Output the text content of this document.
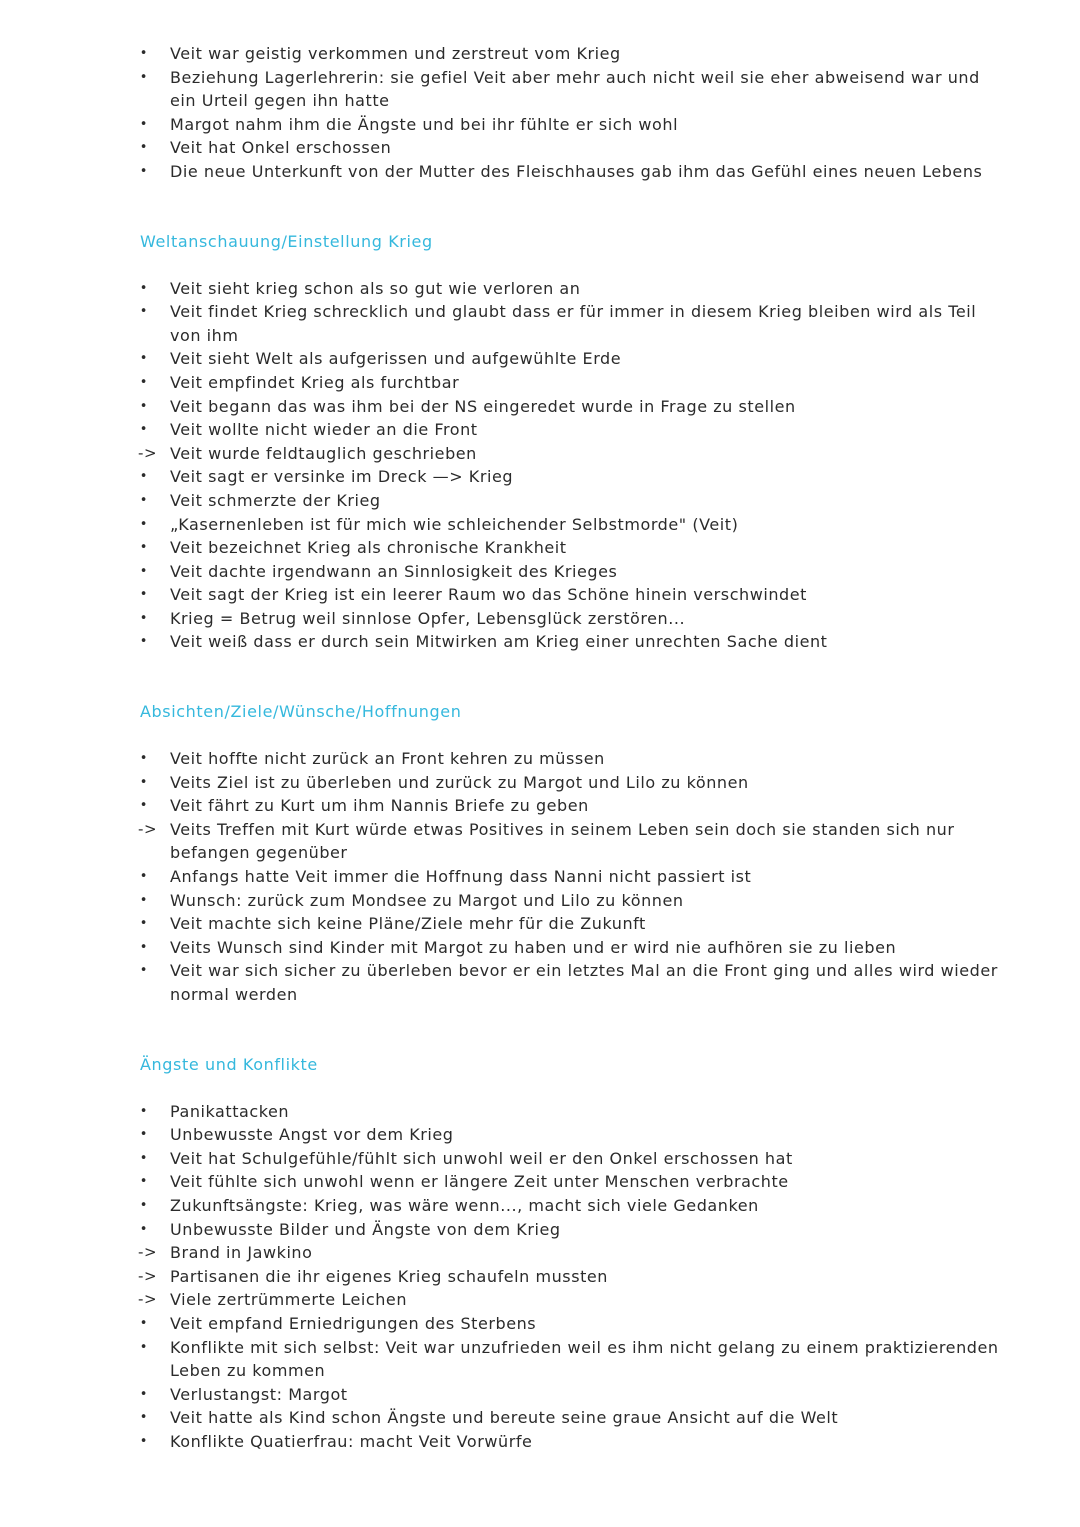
• Veit war geistig verkommen und zerstreut vom Krieg
• Beziehung Lagerlehrerin: sie gefiel Veit aber mehr auch nicht weil sie eher abweisend war und ein Urteil gegen ihn hatte
• Margot nahm ihm die Ängste und bei ihr fühlte er sich wohl
• Veit hat Onkel erschossen
• Die neue Unterkunft von der Mutter des Fleischhauses gab ihm das Gefühl eines neuen Lebens
Weltanschauung/Einstellung Krieg
• Veit sieht krieg schon als so gut wie verloren an
• Veit findet Krieg schrecklich und glaubt dass er für immer in diesem Krieg bleiben wird als Teil von ihm
• Veit sieht Welt als aufgerissen und aufgewühlte Erde
• Veit empfindet Krieg als furchtbar
• Veit begann das was ihm bei der NS eingeredet wurde in Frage zu stellen
• Veit wollte nicht wieder an die Front
-> Veit wurde feldtauglich geschrieben
• Veit sagt er versinke im Dreck —> Krieg
• Veit schmerzte der Krieg
• „Kasernenleben ist für mich wie schleichender Selbstmorde" (Veit)
• Veit bezeichnet Krieg als chronische Krankheit
• Veit dachte irgendwann an Sinnlosigkeit des Krieges
• Veit sagt der Krieg ist ein leerer Raum wo das Schöne hinein verschwindet
• Krieg = Betrug weil sinnlose Opfer, Lebensglück zerstören...
• Veit weiß dass er durch sein Mitwirken am Krieg einer unrechten Sache dient
Absichten/Ziele/Wünsche/Hoffnungen
• Veit hoffte nicht zurück an Front kehren zu müssen
• Veits Ziel ist zu überleben und zurück zu Margot und Lilo zu können
• Veit fährt zu Kurt um ihm Nannis Briefe zu geben
-> Veits Treffen mit Kurt würde etwas Positives in seinem Leben sein doch sie standen sich nur befangen gegenüber
• Anfangs hatte Veit immer die Hoffnung dass Nanni nicht passiert ist
• Wunsch: zurück zum Mondsee zu Margot und Lilo zu können
• Veit machte sich keine Pläne/Ziele mehr für die Zukunft
• Veits Wunsch sind Kinder mit Margot zu haben und er wird nie aufhören sie zu lieben
• Veit war sich sicher zu überleben bevor er ein letztes Mal an die Front ging und alles wird wieder normal werden
Ängste und Konflikte
• Panikattacken
• Unbewusste Angst vor dem Krieg
• Veit hat Schulgefühle/fühlt sich unwohl weil er den Onkel erschossen hat
• Veit fühlte sich unwohl wenn er längere Zeit unter Menschen verbrachte
• Zukunftsängste: Krieg, was wäre wenn..., macht sich viele Gedanken
• Unbewusste Bilder und Ängste von dem Krieg
-> Brand in Jawkino
-> Partisanen die ihr eigenes Krieg schaufeln mussten
-> Viele zertrümmerte Leichen
• Veit empfand Erniedrigungen des Sterbens
• Konflikte mit sich selbst: Veit war unzufrieden weil es ihm nicht gelang zu einem praktizierenden Leben zu kommen
• Verlustangst: Margot
• Veit hatte als Kind schon Ängste und bereute seine graue Ansicht auf die Welt
• Konflikte Quatierfrau: macht Veit Vorwürfe
